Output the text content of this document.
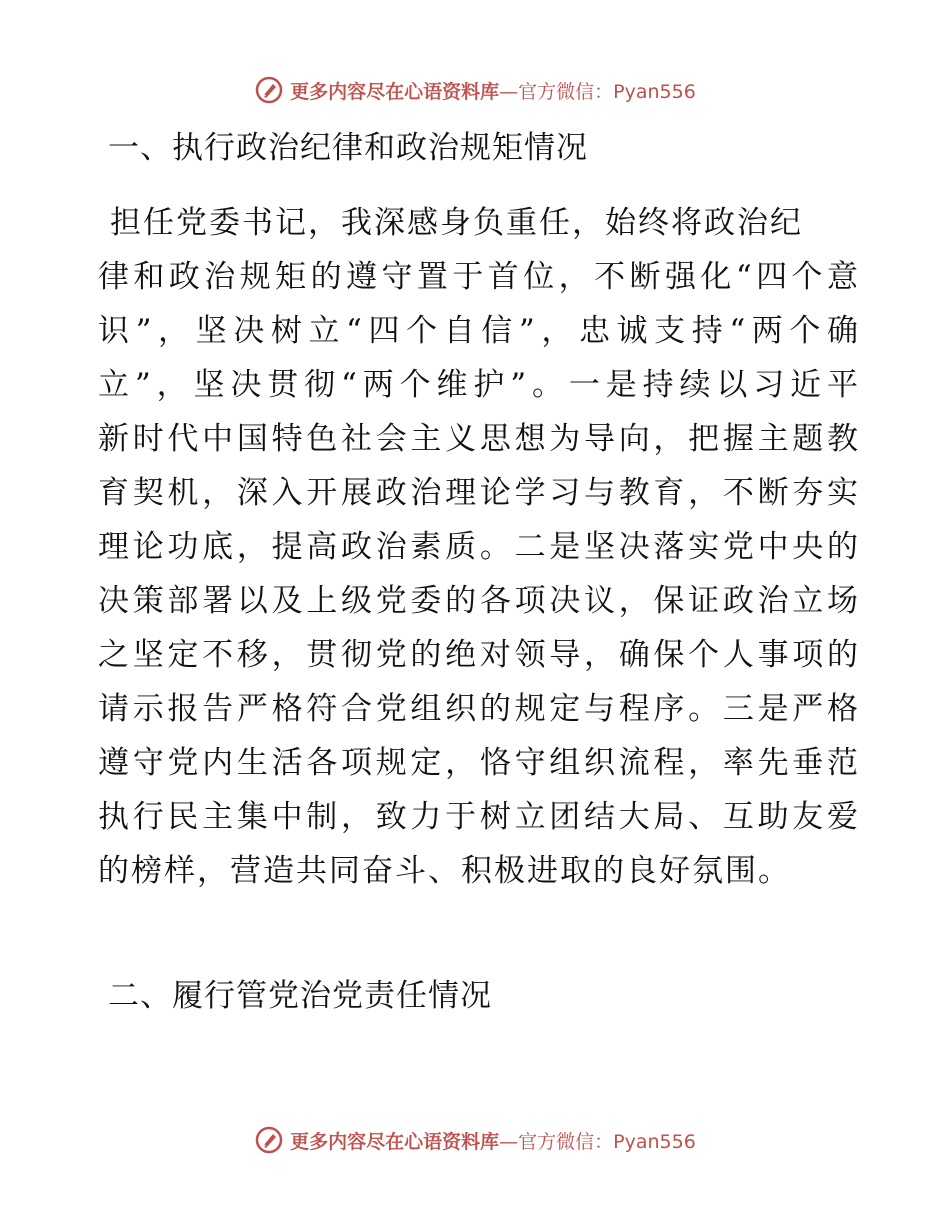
更多内容尽在心语资料库—官方微信：Pyan556
一、执行政治纪律和政治规矩情况
担任党委书记，我深感身负重任，始终将政治纪
律和政治规矩的遵守置于首位，不断强化“四个意
识”，坚决树立“四个自信”，忠诚支持“两个确
立”，坚决贯彻“两个维护”。一是持续以习近平
新时代中国特色社会主义思想为导向，把握主题教
育契机，深入开展政治理论学习与教育，不断夯实
理论功底，提高政治素质。二是坚决落实党中央的
决策部署以及上级党委的各项决议，保证政治立场
之坚定不移，贯彻党的绝对领导，确保个人事项的
请示报告严格符合党组织的规定与程序。三是严格
遵守党内生活各项规定，恪守组织流程，率先垂范
执行民主集中制，致力于树立团结大局、互助友爱
的榜样，营造共同奋斗、积极进取的良好氛围。
二、履行管党治党责任情况
更多内容尽在心语资料库—官方微信：Pyan556
